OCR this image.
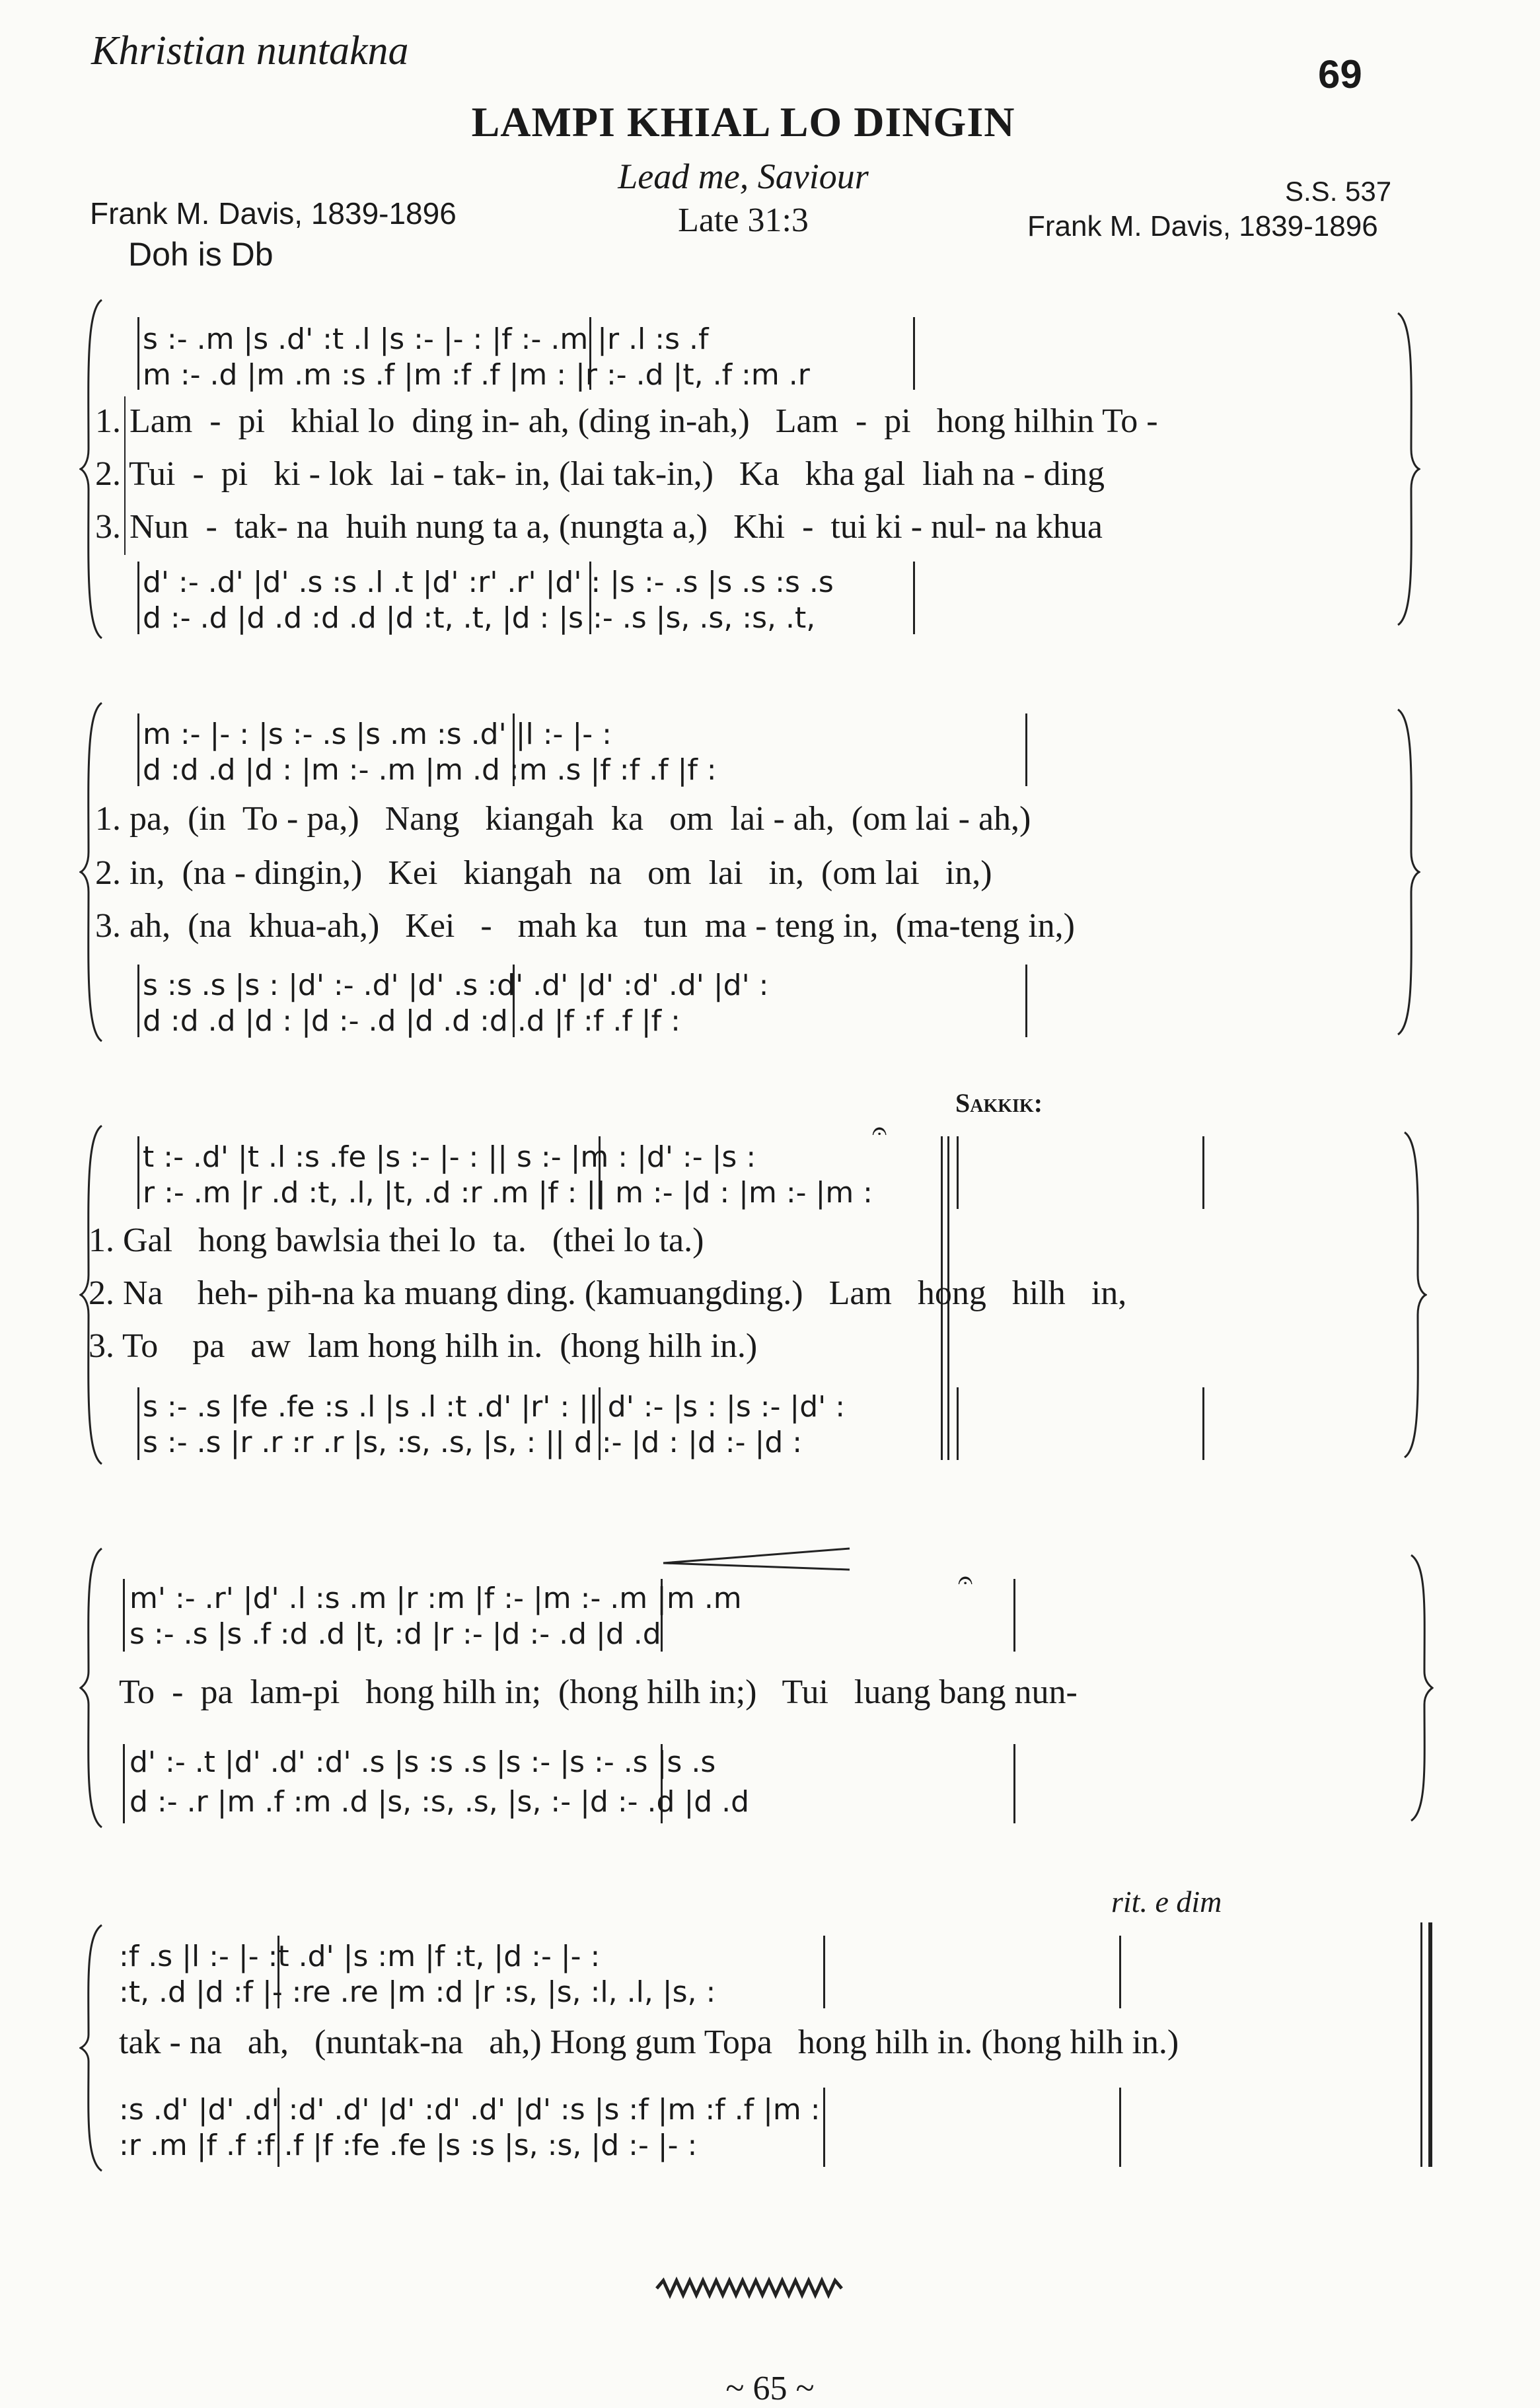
Khristian nuntakna
69
LAMPI KHIAL LO DINGIN
Lead me, Saviour
Late 31:3
Frank M. Davis, 1839-1896
Doh is Db
S.S. 537
Frank M. Davis, 1839-1896
s :- .m |s .d' :t .l |s :- |- : |f :- .m |r .l :s .f
m :- .d |m .m :s .f |m :f .f |m : |r :- .d |t, .f :m .r
1. Lam  -  pi   khial lo  ding in- ah, (ding in-ah,)   Lam  -  pi   hong hilhin To -
2. Tui  -  pi   ki - lok  lai - tak- in, (lai tak-in,)   Ka   kha gal  liah na - ding
3. Nun  -  tak- na  huih nung ta a, (nungta a,)   Khi  -  tui ki - nul- na khua
d' :- .d' |d' .s :s .l .t |d' :r' .r' |d' : |s :- .s |s .s :s .s
d :- .d |d .d :d .d |d :t, .t, |d : |s :- .s |s, .s, :s, .t,
m :- |- : |s :- .s |s .m :s .d' |l :- |- :
d :d .d |d : |m :- .m |m .d :m .s |f :f .f |f :
1. pa,  (in  To - pa,)   Nang   kiangah  ka   om  lai - ah,  (om lai - ah,)
2. in,  (na - dingin,)   Kei   kiangah  na   om  lai   in,  (om lai   in,)
3. ah,  (na  khua-ah,)   Kei   -   mah ka   tun  ma - teng in,  (ma-teng in,)
s :s .s |s : |d' :- .d' |d' .s :d' .d' |d' :d' .d' |d' :
d :d .d |d : |d :- .d |d .d :d .d |f :f .f |f :
Sakkik:
𝄐
t :- .d' |t .l :s .fe |s :- |- : || s :- |m : |d' :- |s :
r :- .m |r .d :t, .l, |t, .d :r .m |f : || m :- |d : |m :- |m :
1. Gal   hong bawlsia thei lo  ta.   (thei lo ta.)
2. Na    heh- pih-na ka muang ding. (kamuangding.)   Lam   hong   hilh   in,
3. To    pa   aw  lam hong hilh in.  (hong hilh in.)
s :- .s |fe .fe :s .l |s .l :t .d' |r' : || d' :- |s : |s :- |d' :
s :- .s |r .r :r .r |s, :s, .s, |s, : || d :- |d : |d :- |d :
𝄐
m' :- .r' |d' .l :s .m |r :m |f :- |m :- .m |m .m
s :- .s |s .f :d .d |t, :d |r :- |d :- .d |d .d
To  -  pa  lam-pi   hong hilh in;  (hong hilh in;)   Tui   luang bang nun-
d' :- .t |d' .d' :d' .s |s :s .s |s :- |s :- .s |s .s
d :- .r |m .f :m .d |s, :s, .s, |s, :- |d :- .d |d .d
rit. e dim
:f .s |l :- |- :t .d' |s :m |f :t, |d :- |- :
:t, .d |d :f |- :re .re |m :d |r :s, |s, :l, .l, |s, :
tak - na   ah,   (nuntak-na   ah,) Hong gum Topa   hong hilh in. (hong hilh in.)
:s .d' |d' .d' :d' .d' |d' :d' .d' |d' :s |s :f |m :f .f |m :
:r .m |f .f :f .f |f :fe .fe |s :s |s, :s, |d :- |- :
~ 65 ~
